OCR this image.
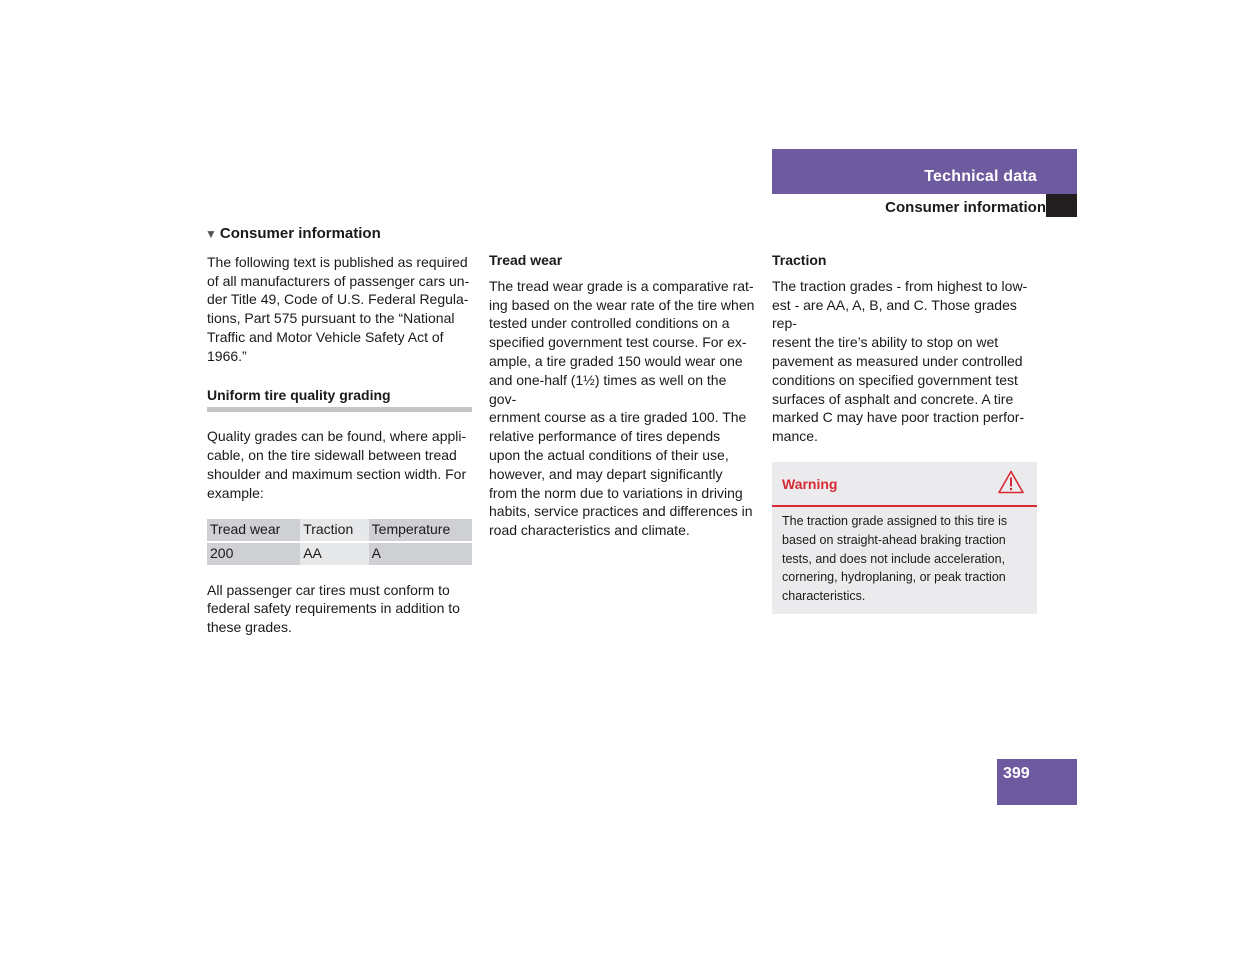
Technical data
Consumer information
▼ Consumer information

The following text is published as required
of all manufacturers of passenger cars un-
der Title 49, Code of U.S. Federal Regula-
tions, Part 575 pursuant to the “National
Traffic and Motor Vehicle Safety Act of
1966.”

Uniform tire quality grading

Quality grades can be found, where appli-
cable, on the tire sidewall between tread
shoulder and maximum section width. For
example:

Tread wear	Traction	Temperature
200	AA	A

All passenger car tires must conform to
federal safety requirements in addition to
these grades.

Tread wear

The tread wear grade is a comparative rat-
ing based on the wear rate of the tire when
tested under controlled conditions on a
specified government test course. For ex-
ample, a tire graded 150 would wear one
and one-half (1½) times as well on the gov-
ernment course as a tire graded 100. The
relative performance of tires depends
upon the actual conditions of their use,
however, and may depart significantly
from the norm due to variations in driving
habits, service practices and differences in
road characteristics and climate.

Traction

The traction grades - from highest to low-
est - are AA, A, B, and C. Those grades rep-
resent the tire’s ability to stop on wet
pavement as measured under controlled
conditions on specified government test
surfaces of asphalt and concrete. A tire
marked C may have poor traction perfor-
mance.

Warning
The traction grade assigned to this tire is
based on straight-ahead braking traction
tests, and does not include acceleration,
cornering, hydroplaning, or peak traction
characteristics.
399
